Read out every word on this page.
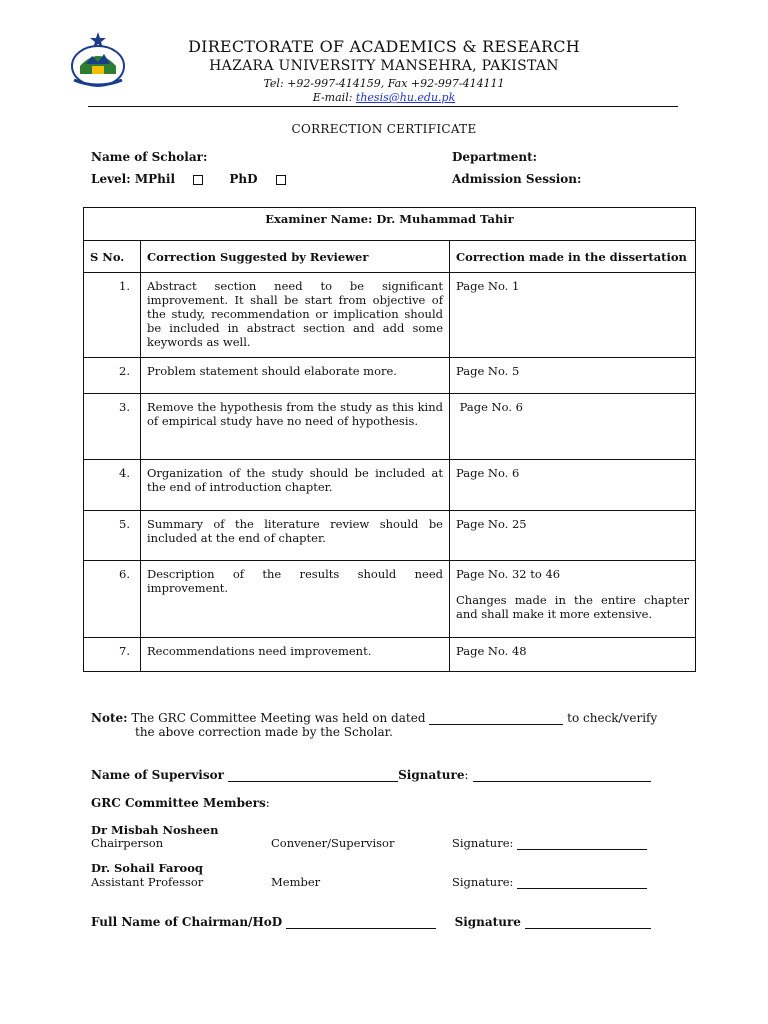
DIRECTORATE OF ACADEMICS & RESEARCH
HAZARA UNIVERSITY MANSEHRA, PAKISTAN
Tel: +92-997-414159, Fax +92-997-414111
E-mail: thesis@hu.edu.pk
CORRECTION CERTIFICATE
Name of Scholar:	Department:
Level: MPhil	PhD	Admission Session:
Examiner Name: Dr. Muhammad Tahir		
S No.	Correction Suggested by Reviewer	Correction made in the dissertation
1.	Abstract section need to be significant improvement. It shall be start from objective of the study, recommendation or implication should be included in abstract section and add some keywords as well.	Page No. 1
2.	Problem statement should elaborate more.	Page No. 5
3.	Remove the hypothesis from the study as this kind of empirical study have no need of hypothesis.	Page No. 6
4.	Organization of the study should be included at the end of introduction chapter.	Page No. 6
5.	Summary of the literature review should be included at the end of chapter.	Page No. 25
6.	Description of the results should need improvement.	Page No. 32 to 46
Changes made in the entire chapter and shall make it more extensive.

7.	Recommendations need improvement.	Page No. 48
Note: The GRC Committee Meeting was held on dated	to check/verify
the above correction made by the Scholar.
Name of Supervisor	Signature:
GRC Committee Members:
Dr Misbah Nosheen
Chairperson	Convener/Supervisor	Signature:
Dr. Sohail Farooq
Assistant Professor	Member	Signature:
Full Name of Chairman/HoD	Signature
